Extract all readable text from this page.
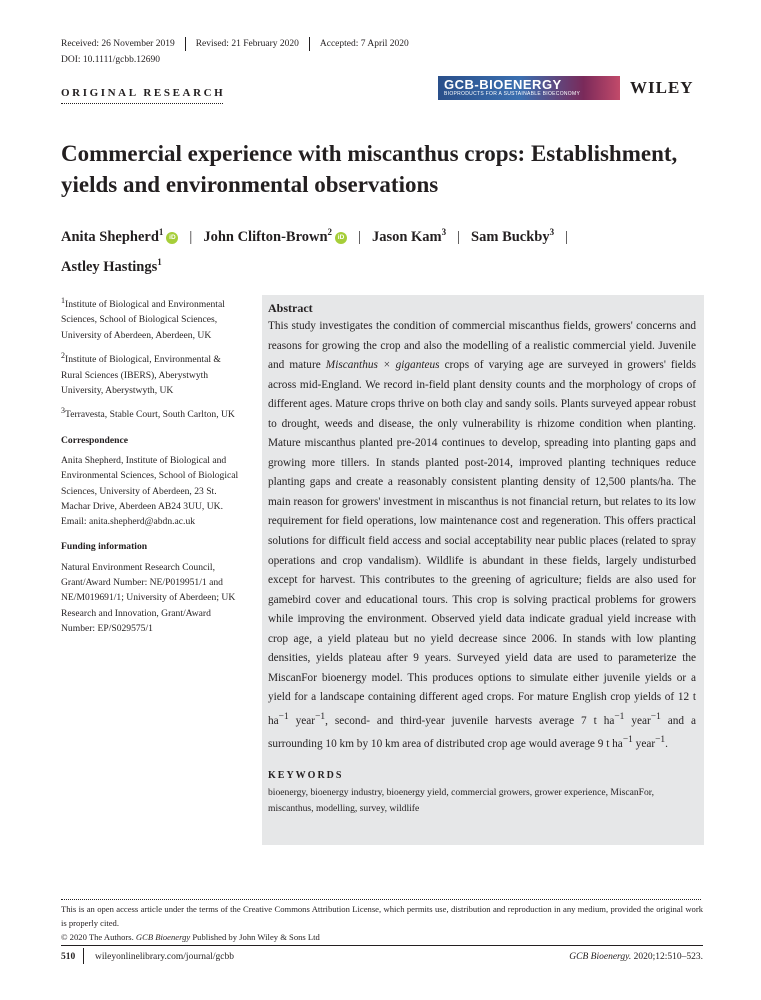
Received: 26 November 2019 Revised: 21 February 2020 Accepted: 7 April 2020
DOI: 10.1111/gcbb.12690
ORIGINAL RESEARCH
GCB-BIOENERGY
BIOPRODUCTS FOR A SUSTAINABLE BIOECONOMY	WILEY
Commercial experience with miscanthus crops: Establishment, yields and environmental observations
Anita Shepherd$^1$iD | John Clifton-Brown$^2$iD | Jason Kam$^3$ | Sam Buckby$^3$ |
Astley Hastings$^1$

$^1$Institute of Biological and Environmental Sciences, School of Biological Sciences, University of Aberdeen, Aberdeen, UK

$^2$Institute of Biological, Environmental & Rural Sciences (IBERS), Aberystwyth University, Aberystwyth, UK

$^3$Terravesta, Stable Court, South Carlton, UK

Correspondence

Anita Shepherd, Institute of Biological and Environmental Sciences, School of Biological Sciences, University of Aberdeen, 23 St. Machar Drive, Aberdeen AB24 3UU, UK.
Email: anita.shepherd@abdn.ac.uk

Funding information

Natural Environment Research Council, Grant/Award Number: NE/P019951/1 and NE/M019691/1; University of Aberdeen; UK Research and Innovation, Grant/Award Number: EP/S029575/1

Abstract
This study investigates the condition of commercial miscanthus fields, growers' concerns and reasons for growing the crop and also the modelling of a realistic commercial yield. Juvenile and mature Miscanthus × giganteus crops of varying age are surveyed in growers' fields across mid-England. We record in-field plant density counts and the morphology of crops of different ages. Mature crops thrive on both clay and sandy soils. Plants surveyed appear robust to drought, weeds and disease, the only vulnerability is rhizome condition when planting. Mature miscanthus planted pre-2014 continues to develop, spreading into planting gaps and growing more tillers. In stands planted post-2014, improved planting techniques reduce planting gaps and create a reasonably consistent planting density of 12,500 plants/ha. The main reason for growers' investment in miscanthus is not financial return, but relates to its low requirement for field operations, low maintenance cost and regeneration. This offers practical solutions for difficult field access and social acceptability near public places (related to spray operations and crop vandalism). Wildlife is abundant in these fields, largely undisturbed except for harvest. This contributes to the greening of agriculture; fields are also used for gamebird cover and educational tours. This crop is solving practical problems for growers while improving the environment. Observed yield data indicate gradual yield increase with crop age, a yield plateau but no yield decrease since 2006. In stands with low planting densities, yields plateau after 9 years. Surveyed yield data are used to parameterize the MiscanFor bioenergy model. This produces options to simulate either juvenile yields or a yield for a landscape containing different aged crops. For mature English crop yields of 12 t $ha^{-1}$ year$^{-1}$, second- and third-year juvenile harvests average 7 t $ha^{-1}$ year$^{-1}$ and a surrounding 10 km by 10 km area of distributed crop age would average 9 t $ha^{-1}$ year$^{-1}$.
KEYWORDS
bioenergy, bioenergy industry, bioenergy yield, commercial growers, grower experience, MiscanFor, miscanthus, modelling, survey, wildlife

This is an open access article under the terms of the Creative Commons Attribution License, which permits use, distribution and reproduction in any medium, provided the original work is properly cited.

© 2020 The Authors. GCB Bioenergy Published by John Wiley & Sons Ltd

510 wileyonlinelibrary.com/journal/gcbb	GCB Bioenergy. 2020;12:510–523.
